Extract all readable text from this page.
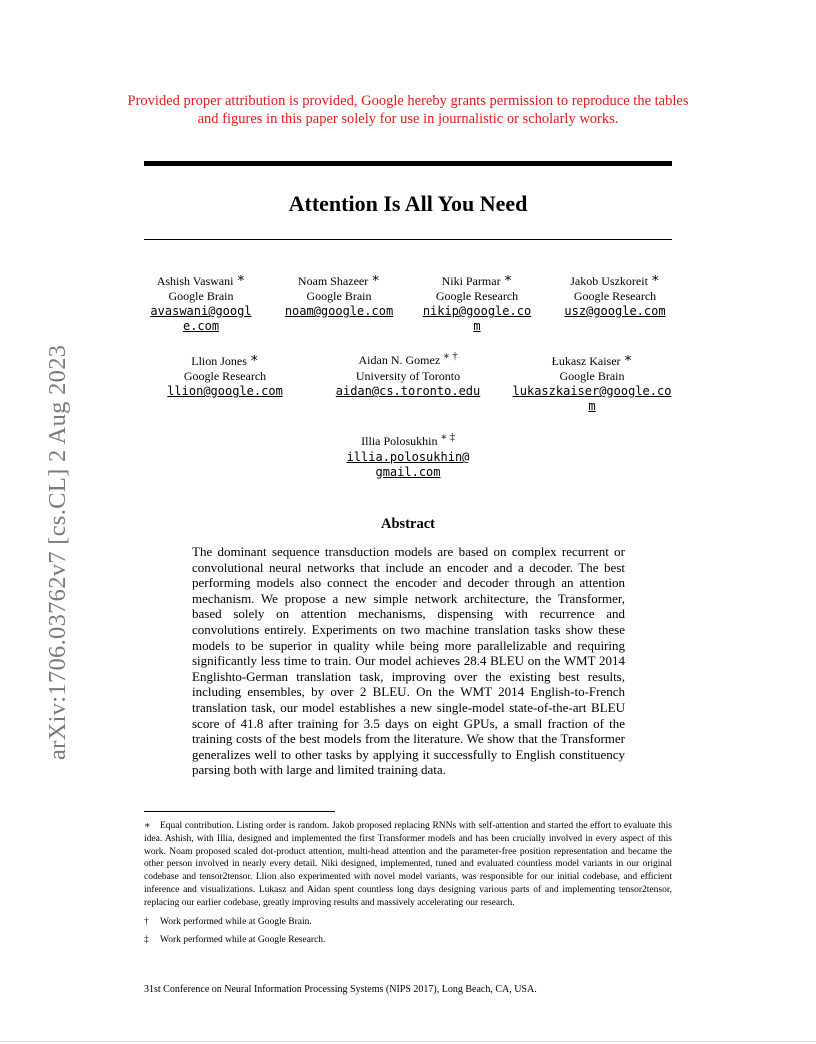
arXiv:1706.03762v7 [cs.CL] 2 Aug 2023
Provided proper attribution is provided, Google hereby grants permission to reproduce the tables and figures in this paper solely for use in journalistic or scholarly works.
Attention Is All You Need
Ashish Vaswani ∗
Google Brain
avaswani@google.com
Noam Shazeer ∗
Google Brain
noam@google.com
Niki Parmar ∗
Google Research
nikip@google.com
Jakob Uszkoreit ∗
Google Research
usz@google.com
Llion Jones ∗
Google Research
llion@google.com
Aidan N. Gomez ∗ †
University of Toronto
aidan@cs.toronto.edu
Łukasz Kaiser ∗
Google Brain
lukaszkaiser@google.com
Illia Polosukhin ∗ ‡
illia.polosukhin@gmail.com
Abstract
The dominant sequence transduction models are based on complex recurrent or convolutional neural networks that include an encoder and a decoder. The best performing models also connect the encoder and decoder through an attention mechanism. We propose a new simple network architecture, the Transformer, based solely on attention mechanisms, dispensing with recurrence and convolutions entirely. Experiments on two machine translation tasks show these models to be superior in quality while being more parallelizable and requiring significantly less time to train. Our model achieves 28.4 BLEU on the WMT 2014 Englishto-German translation task, improving over the existing best results, including ensembles, by over 2 BLEU. On the WMT 2014 English-to-French translation task, our model establishes a new single-model state-of-the-art BLEU score of 41.8 after training for 3.5 days on eight GPUs, a small fraction of the training costs of the best models from the literature. We show that the Transformer generalizes well to other tasks by applying it successfully to English constituency parsing both with large and limited training data.

∗ Equal contribution. Listing order is random. Jakob proposed replacing RNNs with self-attention and started the effort to evaluate this idea. Ashish, with Illia, designed and implemented the first Transformer models and has been crucially involved in every aspect of this work. Noam proposed scaled dot-product attention, multi-head attention and the parameter-free position representation and became the other person involved in nearly every detail. Niki designed, implemented, tuned and evaluated countless model variants in our original codebase and tensor2tensor. Llion also experimented with novel model variants, was responsible for our initial codebase, and efficient inference and visualizations. Lukasz and Aidan spent countless long days designing various parts of and implementing tensor2tensor, replacing our earlier codebase, greatly improving results and massively accelerating our research.

† Work performed while at Google Brain.

‡ Work performed while at Google Research.

31st Conference on Neural Information Processing Systems (NIPS 2017), Long Beach, CA, USA.
